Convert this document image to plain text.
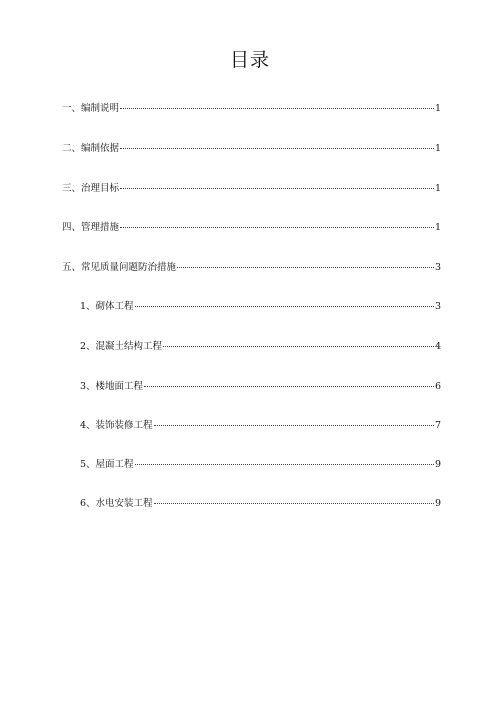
目录
一、编制说明	1
二、编制依据	1
三、治理目标	1
四、管理措施	1
五、常见质量问题防治措施	3
1、砌体工程	3
2、混凝土结构工程	4
3、楼地面工程	6
4、装饰装修工程	7
5、屋面工程	9
6、水电安装工程	9
